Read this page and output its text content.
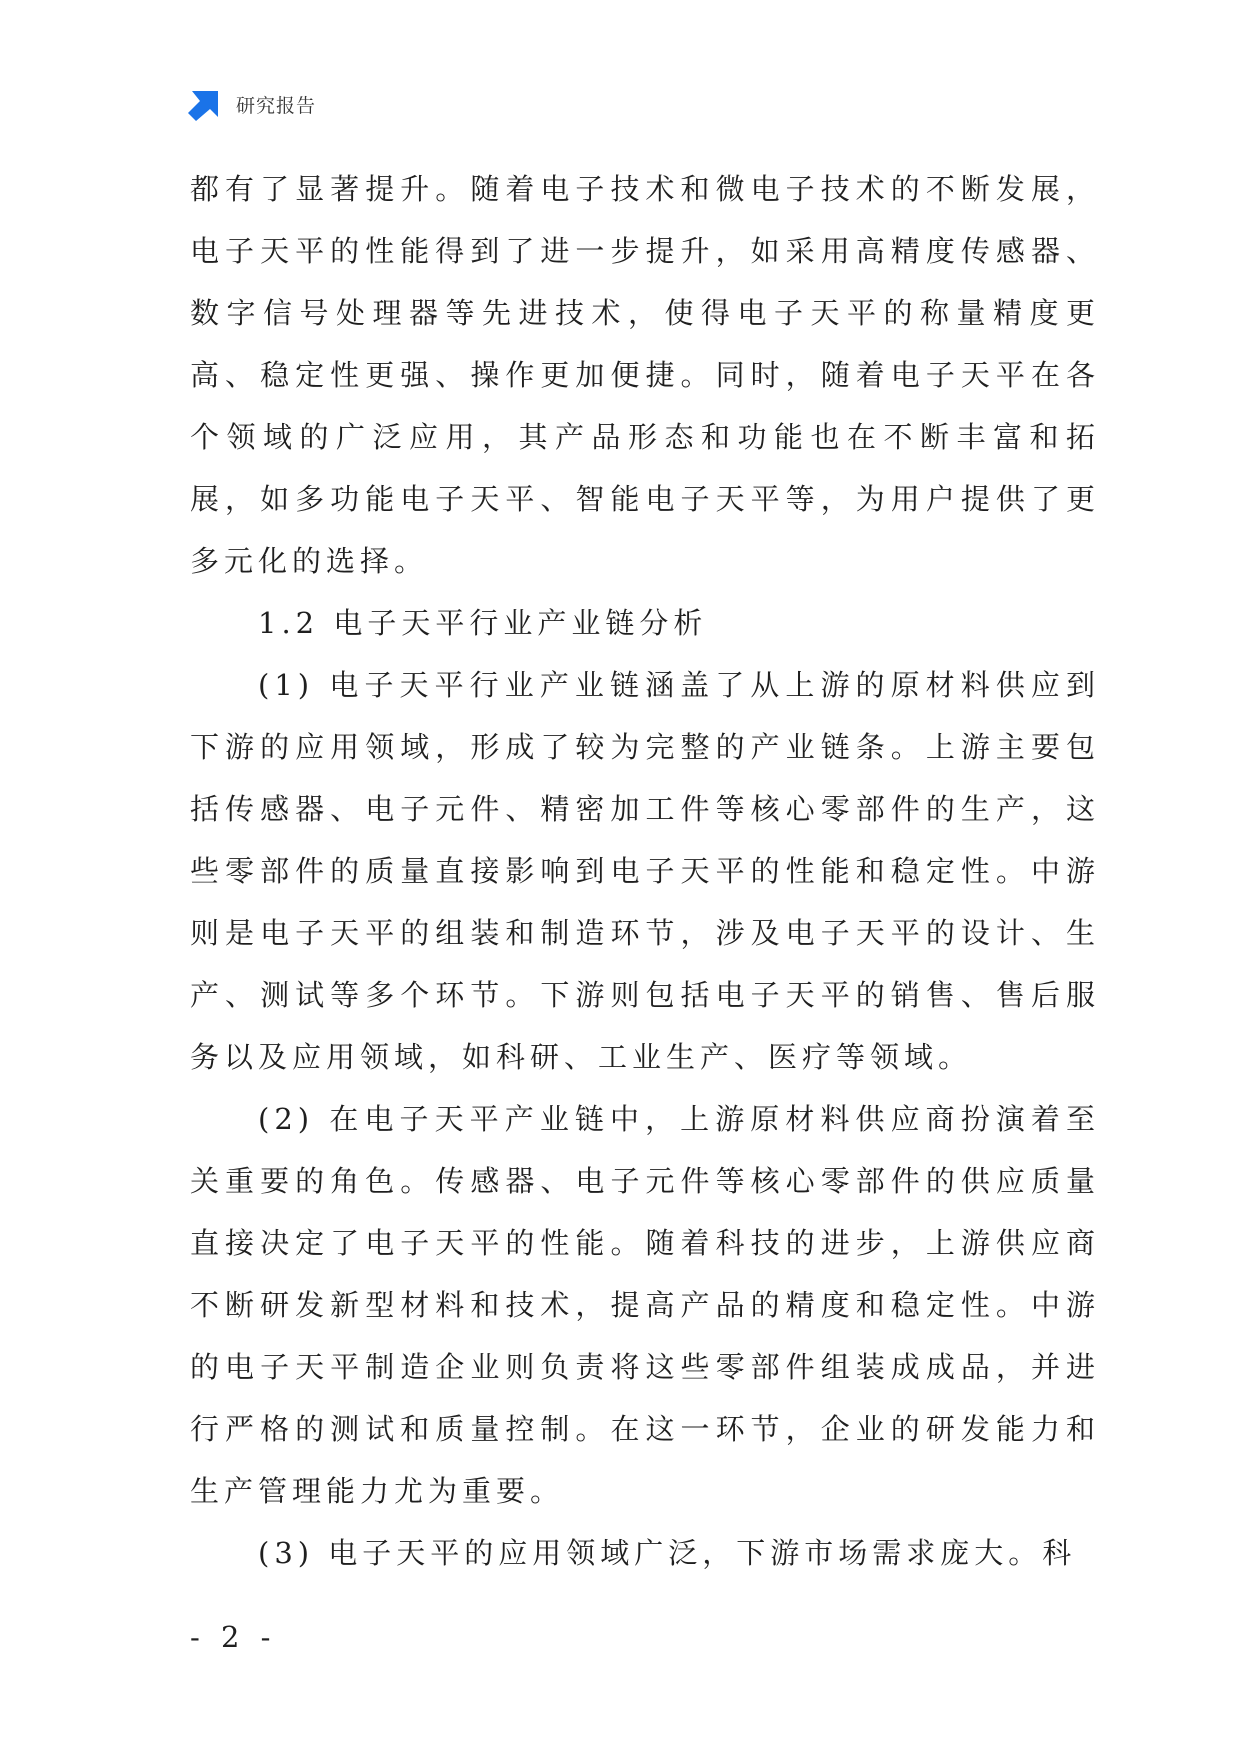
研究报告

都有了显著提升。随着电子技术和微电子技术的不断发展，电子天平的性能得到了进一步提升，如采用高精度传感器、数字信号处理器等先进技术，使得电子天平的称量精度更高、稳定性更强、操作更加便捷。同时，随着电子天平在各个领域的广泛应用，其产品形态和功能也在不断丰富和拓展，如多功能电子天平、智能电子天平等，为用户提供了更多元化的选择。

1.2 电子天平行业产业链分析

(1) 电子天平行业产业链涵盖了从上游的原材料供应到下游的应用领域，形成了较为完整的产业链条。上游主要包括传感器、电子元件、精密加工件等核心零部件的生产，这些零部件的质量直接影响到电子天平的性能和稳定性。中游则是电子天平的组装和制造环节，涉及电子天平的设计、生产、测试等多个环节。下游则包括电子天平的销售、售后服务以及应用领域，如科研、工业生产、医疗等领域。

(2) 在电子天平产业链中，上游原材料供应商扮演着至关重要的角色。传感器、电子元件等核心零部件的供应质量直接决定了电子天平的性能。随着科技的进步，上游供应商不断研发新型材料和技术，提高产品的精度和稳定性。中游的电子天平制造企业则负责将这些零部件组装成成品，并进行严格的测试和质量控制。在这一环节，企业的研发能力和生产管理能力尤为重要。

(3) 电子天平的应用领域广泛，下游市场需求庞大。科

- 2 -
